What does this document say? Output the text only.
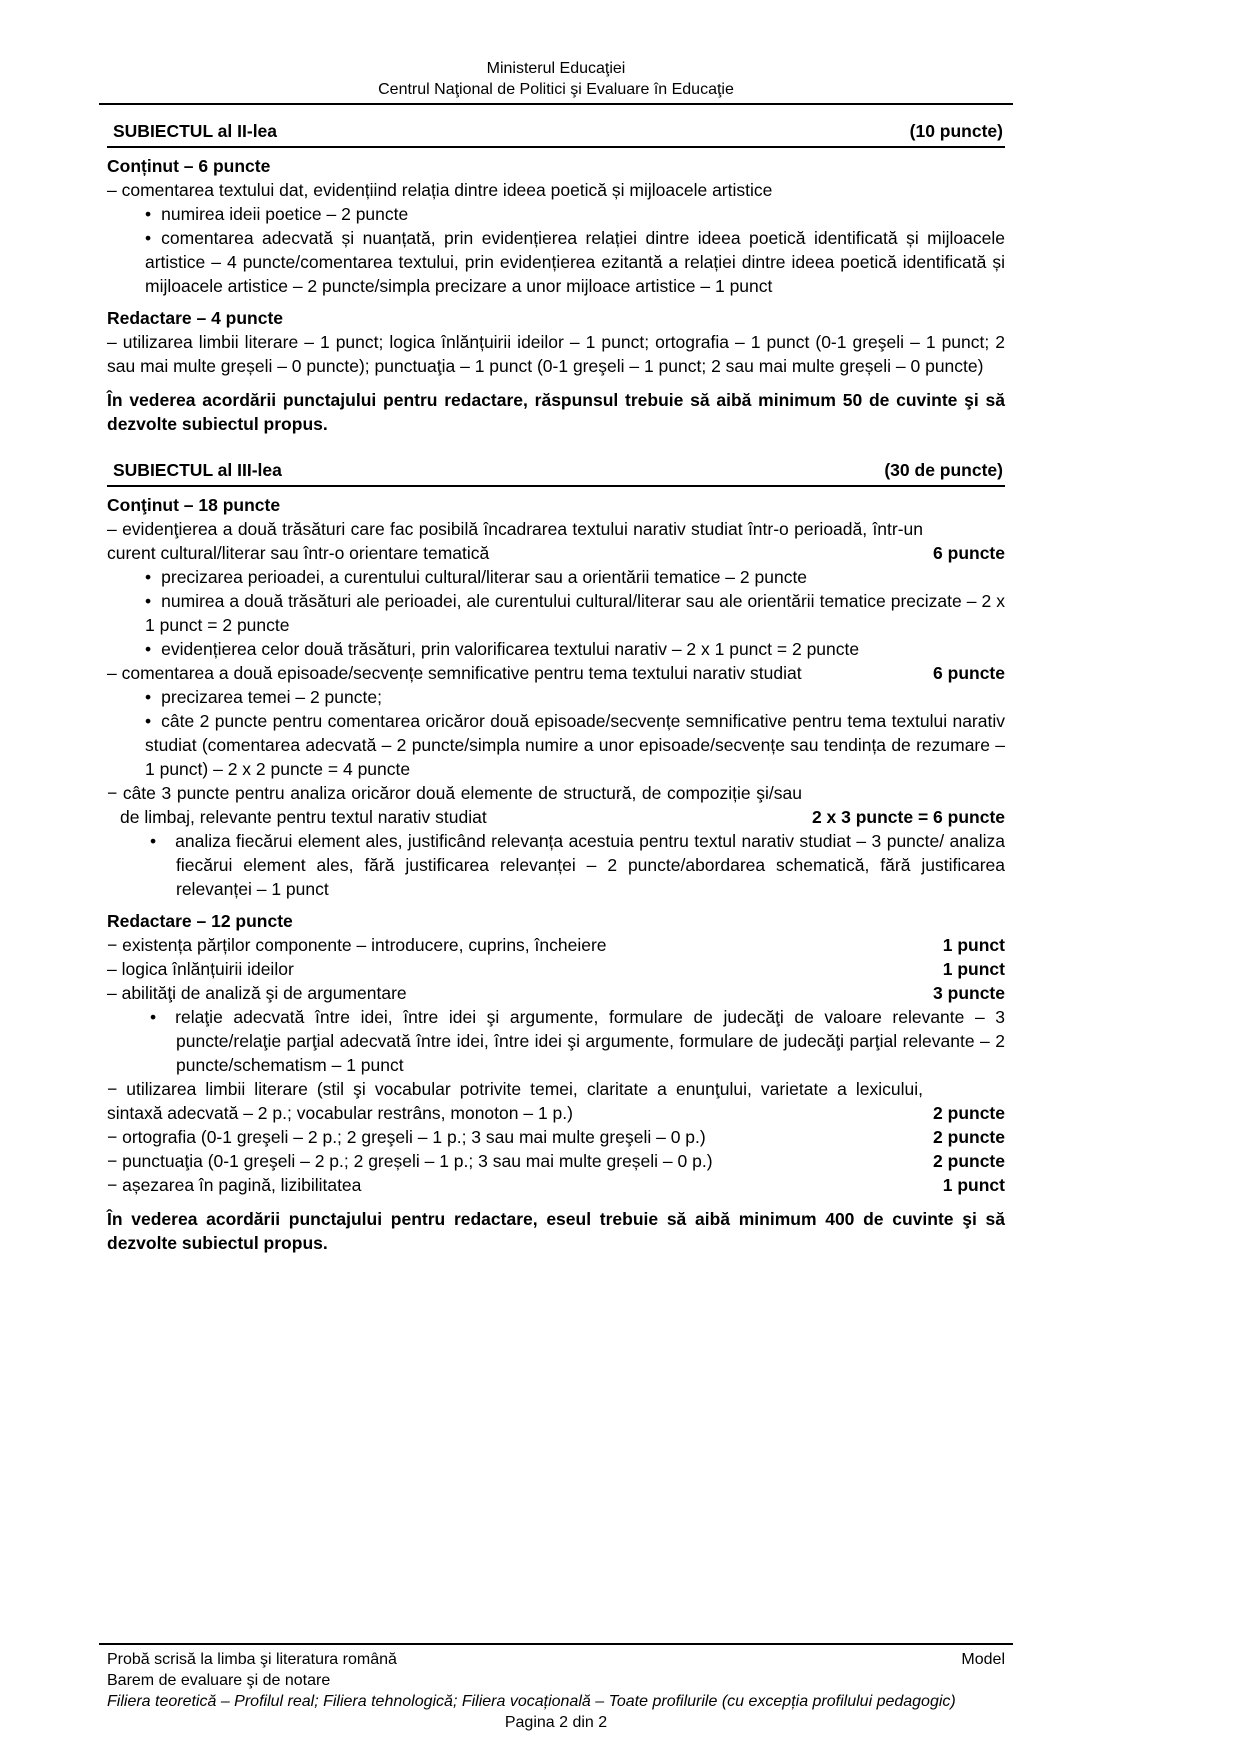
Ministerul Educaţiei
Centrul Naţional de Politici şi Evaluare în Educaţie
SUBIECTUL al II-lea	(10 puncte)
Conținut – 6 puncte
– comentarea textului dat, evidențiind relația dintre ideea poetică și mijloacele artistice
• numirea ideii poetice – 2 puncte
• comentarea adecvată și nuanțată, prin evidențierea relației dintre ideea poetică identificată și mijloacele artistice – 4 puncte/comentarea textului, prin evidențierea ezitantă a relației dintre ideea poetică identificată și mijloacele artistice – 2 puncte/simpla precizare a unor mijloace artistice – 1 punct
Redactare – 4 puncte
– utilizarea limbii literare – 1 punct; logica înlănțuirii ideilor – 1 punct; ortografia – 1 punct (0-1 greşeli – 1 punct; 2 sau mai multe greșeli – 0 puncte); punctuaţia – 1 punct (0-1 greşeli – 1 punct; 2 sau mai multe greșeli – 0 puncte)
În vederea acordării punctajului pentru redactare, răspunsul trebuie să aibă minimum 50 de cuvinte şi să dezvolte subiectul propus.
SUBIECTUL al III-lea	(30 de puncte)
Conţinut – 18 puncte
– evidenţierea a două trăsături care fac posibilă încadrarea textului narativ studiat într-o perioadă, într-un curent cultural/literar sau într-o orientare tematică	6 puncte
• precizarea perioadei, a curentului cultural/literar sau a orientării tematice – 2 puncte
• numirea a două trăsături ale perioadei, ale curentului cultural/literar sau ale orientării tematice precizate – 2 x 1 punct = 2 puncte
• evidențierea celor două trăsături, prin valorificarea textului narativ – 2 x 1 punct = 2 puncte
– comentarea a două episoade/secvențe semnificative pentru tema textului narativ studiat	6 puncte
• precizarea temei – 2 puncte;
• câte 2 puncte pentru comentarea oricăror două episoade/secvențe semnificative pentru tema textului narativ studiat (comentarea adecvată – 2 puncte/simpla numire a unor episoade/secvențe sau tendința de rezumare – 1 punct) – 2 x 2 puncte = 4 puncte
− câte 3 puncte pentru analiza oricăror două elemente de structură, de compoziție şi/sau de limbaj, relevante pentru textul narativ studiat	2 x 3 puncte = 6 puncte
• analiza fiecărui element ales, justificând relevanța acestuia pentru textul narativ studiat – 3 puncte/ analiza fiecărui element ales, fără justificarea relevanței – 2 puncte/abordarea schematică, fără justificarea relevanței – 1 punct
Redactare – 12 puncte
− existența părților componente – introducere, cuprins, încheiere	1 punct
– logica înlănțuirii ideilor	1 punct
– abilităţi de analiză şi de argumentare	3 puncte
• relaţie adecvată între idei, între idei şi argumente, formulare de judecăţi de valoare relevante – 3 puncte/relaţie parţial adecvată între idei, între idei şi argumente, formulare de judecăţi parţial relevante – 2 puncte/schematism – 1 punct
− utilizarea limbii literare (stil şi vocabular potrivite temei, claritate a enunţului, varietate a lexicului, sintaxă adecvată – 2 p.; vocabular restrâns, monoton – 1 p.)	2 puncte
− ortografia (0-1 greşeli – 2 p.; 2 greşeli – 1 p.; 3 sau mai multe greşeli – 0 p.)	2 puncte
− punctuaţia (0-1 greşeli – 2 p.; 2 greșeli – 1 p.; 3 sau mai multe greșeli – 0 p.)	2 puncte
− așezarea în pagină, lizibilitatea	1 punct
În vederea acordării punctajului pentru redactare, eseul trebuie să aibă minimum 400 de cuvinte şi să dezvolte subiectul propus.
Probă scrisă la limba şi literatura română	Model
Barem de evaluare şi de notare
Filiera teoretică – Profilul real; Filiera tehnologică; Filiera vocațională – Toate profilurile (cu excepția profilului pedagogic)
Pagina 2 din 2
